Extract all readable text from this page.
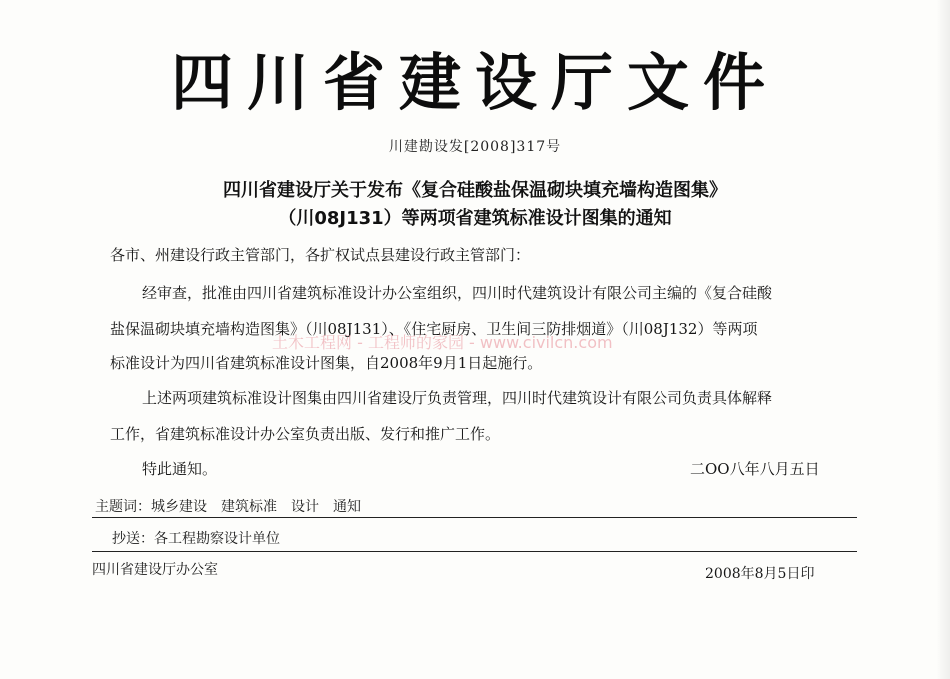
四川省建设厅文件
川建勘设发[2008]317号
四川省建设厅关于发布《复合硅酸盐保温砌块填充墙构造图集》
（川08J131）等两项省建筑标准设计图集的通知
各市、州建设行政主管部门，各扩权试点县建设行政主管部门：
经审查，批准由四川省建筑标准设计办公室组织，四川时代建筑设计有限公司主编的《复合硅酸
盐保温砌块填充墙构造图集》（川08J131）、《住宅厨房、卫生间三防排烟道》（川08J132）等两项
标准设计为四川省建筑标准设计图集，自2008年9月1日起施行。
土木工程网 - 工程师的家园 - www.civilcn.com
上述两项建筑标准设计图集由四川省建设厅负责管理，四川时代建筑设计有限公司负责具体解释
工作，省建筑标准设计办公室负责出版、发行和推广工作。
特此通知。	二OO八年八月五日
主题词：城乡建设　建筑标准　设计　通知
抄送：各工程勘察设计单位
四川省建设厅办公室	2008年8月5日印
